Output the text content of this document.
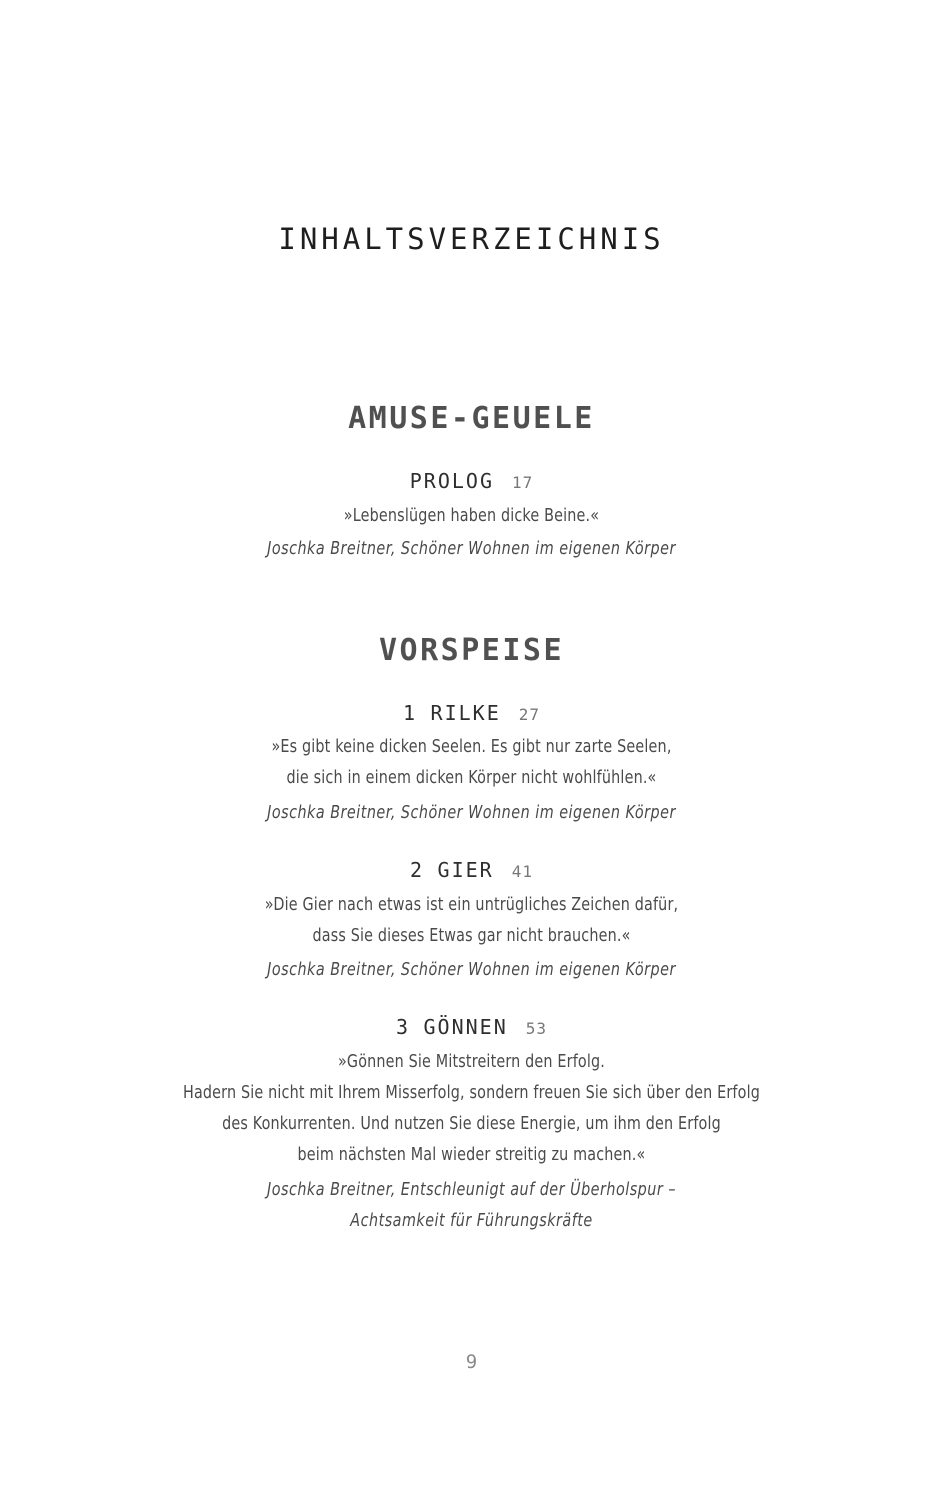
INHALTSVERZEICHNIS
AMUSE-GEUELE
PROLOG 17
»Lebenslügen haben dicke Beine.«
Joschka Breitner, Schöner Wohnen im eigenen Körper
VORSPEISE
1 RILKE 27
»Es gibt keine dicken Seelen. Es gibt nur zarte Seelen,
die sich in einem dicken Körper nicht wohlfühlen.«
Joschka Breitner, Schöner Wohnen im eigenen Körper
2 GIER 41
»Die Gier nach etwas ist ein untrügliches Zeichen dafür,
dass Sie dieses Etwas gar nicht brauchen.«
Joschka Breitner, Schöner Wohnen im eigenen Körper
3 GÖNNEN 53
»Gönnen Sie Mitstreitern den Erfolg.
Hadern Sie nicht mit Ihrem Misserfolg, sondern freuen Sie sich über den Erfolg
des Konkurrenten. Und nutzen Sie diese Energie, um ihm den Erfolg
beim nächsten Mal wieder streitig zu machen.«
Joschka Breitner, Entschleunigt auf der Überholspur –
Achtsamkeit für Führungskräfte
9
